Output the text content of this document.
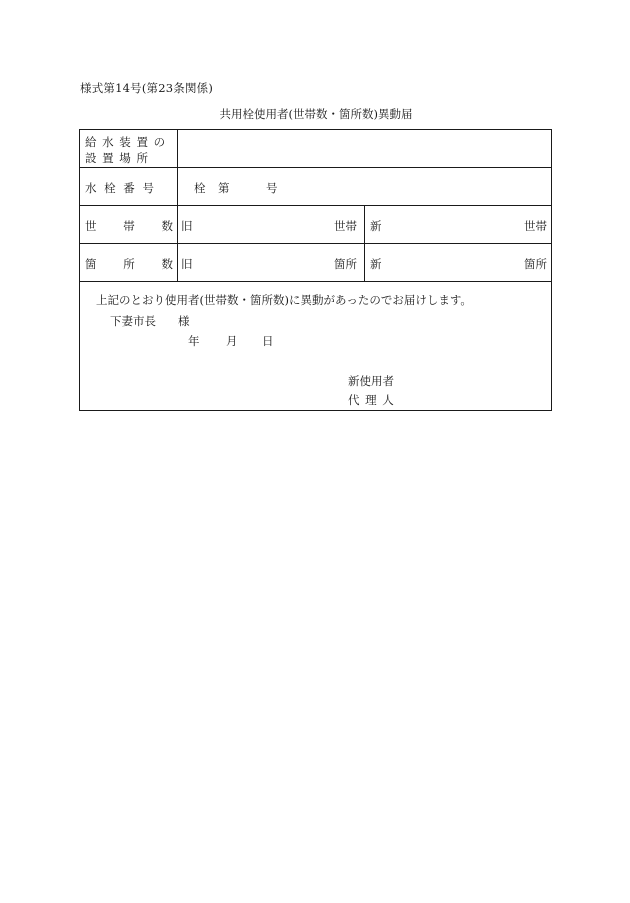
様式第14号(第23条関係)
共用栓使用者(世帯数・箇所数)異動届
給 水 装 置 の
設 置 場 所
水 栓 番 号	栓 第	号
世 帯 数 旧	世帯 新	世帯
箇 所 数 旧	箇所 新	箇所
上記のとおり使用者(世帯数・箇所数)に異動があったのでお届けします。
下妻市長 様
年 月 日
新使用者
代 理 人
